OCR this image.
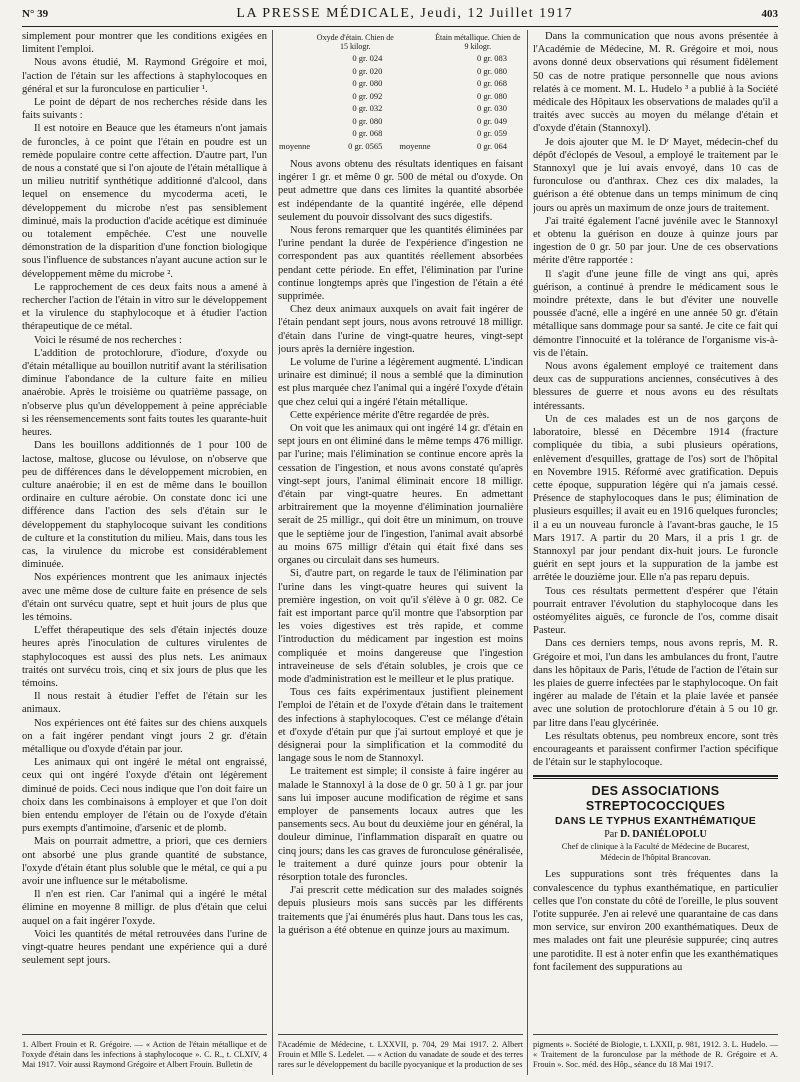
N° 39	LA PRESSE MÉDICALE, Jeudi, 12 Juillet 1917	403

simplement pour montrer que les conditions exigées en limitent l'emploi.

Nous avons étudié, M. Raymond Grégoire et moi, l'action de l'étain sur les affections à staphylocoques en général et sur la furonculose en particulier ¹.

Le point de départ de nos recherches réside dans les faits suivants :

Il est notoire en Beauce que les étameurs n'ont jamais de furoncles, à ce point que l'étain en poudre est un remède populaire contre cette affection. D'autre part, l'un de nous a constaté que si l'on ajoute de l'étain métallique à un milieu nutritif synthétique additionné d'alcool, dans lequel on ensemence du mycoderma aceti, le développement du microbe n'est pas sensiblement diminué, mais la production d'acide acétique est diminuée ou totalement empêchée. C'est une nouvelle démonstration de la disparition d'une fonction biologique sous l'influence de substances n'ayant aucune action sur le développement même du microbe ².

Le rapprochement de ces deux faits nous a amené à rechercher l'action de l'étain in vitro sur le développement et la virulence du staphylocoque et à étudier l'action thérapeutique de ce métal.

Voici le résumé de nos recherches :

L'addition de protochlorure, d'iodure, d'oxyde ou d'étain métallique au bouillon nutritif avant la stérilisation diminue l'abondance de la culture faite en milieu anaérobie. Après le troisième ou quatrième passage, on n'observe plus qu'un développement à peine appréciable si les réensemencements sont faits toutes les quarante-huit heures.

Dans les bouillons additionnés de 1 pour 100 de lactose, maltose, glucose ou lévulose, on n'observe que peu de différences dans le développement microbien, en culture anaérobie; il en est de même dans le bouillon ordinaire en culture aérobie. On constate donc ici une différence dans l'action des sels d'étain sur le développement du staphylocoque suivant les conditions de culture et la constitution du milieu. Mais, dans tous les cas, la virulence du microbe est considérablement diminuée.

Nos expériences montrent que les animaux injectés avec une même dose de culture faite en présence de sels d'étain ont survécu quatre, sept et huit jours de plus que les témoins.

L'effet thérapeutique des sels d'étain injectés douze heures après l'inoculation de cultures virulentes de staphylocoques est aussi des plus nets. Les animaux traités ont survécu trois, cinq et six jours de plus que les témoins.

Il nous restait à étudier l'effet de l'étain sur les animaux.

Nos expériences ont été faites sur des chiens auxquels on a fait ingérer pendant vingt jours 2 gr. d'étain métallique ou d'oxyde d'étain par jour.

Les animaux qui ont ingéré le métal ont engraissé, ceux qui ont ingéré l'oxyde d'étain ont légèrement diminué de poids. Ceci nous indique que l'on doit faire un choix dans les combinaisons à employer et que l'on doit bien entendu employer de l'étain ou de l'oxyde d'étain purs exempts d'antimoine, d'arsenic et de plomb.

Mais on pourrait admettre, a priori, que ces derniers ont absorbé une plus grande quantité de substance, l'oxyde d'étain étant plus soluble que le métal, ce qui a pu avoir une influence sur le métabolisme.

Il n'en est rien. Car l'animal qui a ingéré le métal élimine en moyenne 8 milligr. de plus d'étain que celui auquel on a fait ingérer l'oxyde.

Voici les quantités de métal retrouvées dans l'urine de vingt-quatre heures pendant une expérience qui a duré seulement sept jours.

	Oxyde d'étain. Chien de 15 kilogr.		Étain métallique. Chien de 9 kilogr.
	0 gr. 024		0 gr. 083
	0 gr. 020		0 gr. 080
	0 gr. 080		0 gr. 068
	0 gr. 092		0 gr. 080
	0 gr. 032		0 gr. 030
	0 gr. 080		0 gr. 049
	0 gr. 068		0 gr. 059
moyenne	0 gr. 0565	moyenne	0 gr. 064

Nous avons obtenu des résultats identiques en faisant ingérer 1 gr. et même 0 gr. 500 de métal ou d'oxyde. On peut admettre que dans ces limites la quantité absorbée est indépendante de la quantité ingérée, elle dépend seulement du pouvoir dissolvant des sucs digestifs.

Nous ferons remarquer que les quantités éliminées par l'urine pendant la durée de l'expérience d'ingestion ne correspondent pas aux quantités réellement absorbées pendant cette période. En effet, l'élimination par l'urine continue longtemps après que l'ingestion de l'étain a été supprimée.

Chez deux animaux auxquels on avait fait ingérer de l'étain pendant sept jours, nous avons retrouvé 18 milligr. d'étain dans l'urine de vingt-quatre heures, vingt-sept jours après la dernière ingestion.

Le volume de l'urine a légèrement augmenté. L'indican urinaire est diminué; il nous a semblé que la diminution est plus marquée chez l'animal qui a ingéré l'oxyde d'étain que chez celui qui a ingéré l'étain métallique.

Cette expérience mérite d'être regardée de près.

On voit que les animaux qui ont ingéré 14 gr. d'étain en sept jours en ont éliminé dans le même temps 476 milligr. par l'urine; mais l'élimination se continue encore après la cessation de l'ingestion, et nous avons constaté qu'après vingt-sept jours, l'animal éliminait encore 18 milligr. d'étain par vingt-quatre heures. En admettant arbitrairement que la moyenne d'élimination journalière serait de 25 milligr., qui doit être un minimum, on trouve que le septième jour de l'ingestion, l'animal avait absorbé au moins 675 milligr d'étain qui était fixé dans ses organes ou circulait dans ses humeurs.

Si, d'autre part, on regarde le taux de l'élimination par l'urine dans les vingt-quatre heures qui suivent la première ingestion, on voit qu'il s'élève à 0 gr. 082. Ce fait est important parce qu'il montre que l'absorption par les voies digestives est très rapide, et comme l'introduction du médicament par ingestion est moins compliquée et moins dangereuse que l'ingestion intraveineuse de sels d'étain solubles, je crois que ce mode d'administration est le meilleur et le plus pratique.

Tous ces faits expérimentaux justifient pleinement l'emploi de l'étain et de l'oxyde d'étain dans le traitement des infections à staphylocoques. C'est ce mélange d'étain et d'oxyde d'étain pur que j'ai surtout employé et que je désignerai pour la simplification et la commodité du langage sous le nom de Stannoxyl.

Le traitement est simple; il consiste à faire ingérer au malade le Stannoxyl à la dose de 0 gr. 50 à 1 gr. par jour sans lui imposer aucune modification de régime et sans employer de pansements locaux autres que les pansements secs. Au bout du deuxième jour en général, la douleur diminue, l'inflammation disparaît en quatre ou cinq jours; dans les cas graves de furonculose généralisée, le traitement a duré quinze jours pour obtenir la résorption totale des furoncles.

J'ai prescrit cette médication sur des malades soignés depuis plusieurs mois sans succès par les différents traitements que j'ai énumérés plus haut. Dans tous les cas, la guérison a été obtenue en quinze jours au maximum.

Dans la communication que nous avons présentée à l'Académie de Médecine, M. R. Grégoire et moi, nous avons donné deux observations qui résument fidèlement 50 cas de notre pratique personnelle que nous avions relatés à ce moment. M. L. Hudelo ³ a publié à la Société médicale des Hôpitaux les observations de malades qu'il a traités avec succès au moyen du mélange d'étain et d'oxyde d'étain (Stannoxyl).

Je dois ajouter que M. le Dʳ Mayet, médecin-chef du dépôt d'éclopés de Vesoul, a employé le traitement par le Stannoxyl que je lui avais envoyé, dans 10 cas de furonculose ou d'anthrax. Chez ces dix malades, la guérison a été obtenue dans un temps minimum de cinq jours ou après un maximum de onze jours de traitement.

J'ai traité également l'acné juvénile avec le Stannoxyl et obtenu la guérison en douze à quinze jours par ingestion de 0 gr. 50 par jour. Une de ces observations mérite d'être rapportée :

Il s'agit d'une jeune fille de vingt ans qui, après guérison, a continué à prendre le médicament sous le moindre prétexte, dans le but d'éviter une nouvelle poussée d'acné, elle a ingéré en une année 50 gr. d'étain métallique sans dommage pour sa santé. Je cite ce fait qui démontre l'innocuité et la tolérance de l'organisme vis-à-vis de l'étain.

Nous avons également employé ce traitement dans deux cas de suppurations anciennes, consécutives à des blessures de guerre et nous avons eu des résultats intéressants.

Un de ces malades est un de nos garçons de laboratoire, blessé en Décembre 1914 (fracture compliquée du tibia, a subi plusieurs opérations, enlèvement d'esquilles, grattage de l'os) sort de l'hôpital en Novembre 1915. Réformé avec gratification. Depuis cette époque, suppuration légère qui n'a jamais cessé. Présence de staphylocoques dans le pus; élimination de plusieurs esquilles; il avait eu en 1916 quelques furoncles; il a eu un nouveau furoncle à l'avant-bras gauche, le 15 Mars 1917. A partir du 20 Mars, il a pris 1 gr. de Stannoxyl par jour pendant dix-huit jours. Le furoncle guérit en sept jours et la suppuration de la jambe est arrêtée le douzième jour. Elle n'a pas reparu depuis.

Tous ces résultats permettent d'espérer que l'étain pourrait entraver l'évolution du staphylocoque dans les ostéomyélites aiguës, ce furoncle de l'os, comme disait Pasteur.

Dans ces derniers temps, nous avons repris, M. R. Grégoire et moi, l'un dans les ambulances du front, l'autre dans les hôpitaux de Paris, l'étude de l'action de l'étain sur les plaies de guerre infectées par le staphylocoque. On fait ingérer au malade de l'étain et la plaie lavée et pansée avec une solution de protochlorure d'étain à 5 ou 10 gr. par litre dans l'eau glycérinée.

Les résultats obtenus, peu nombreux encore, sont très encourageants et paraissent confirmer l'action spécifique de l'étain sur le staphylocoque.

DES ASSOCIATIONS STREPTOCOCCIQUES
DANS LE TYPHUS EXANTHÉMATIQUE
Par D. DANIÉLOPOLU
Chef de clinique à la Faculté de Médecine de Bucarest,
Médecin de l'hôpital Brancovan.

Les suppurations sont très fréquentes dans la convalescence du typhus exanthématique, en particulier celles que l'on constate du côté de l'oreille, le plus souvent l'otite suppurée. J'en ai relevé une quarantaine de cas dans mon service, sur environ 200 exanthématiques. Deux de mes malades ont fait une pleurésie suppurée; cinq autres une parotidite. Il est à noter enfin que les exanthématiques font facilement des suppurations au

1. Albert Frouin et R. Grégoire. — « Action de l'étain métallique et de l'oxyde d'étain dans les infections à staphylocoque ». C. R., t. CLXIV, 4 Mai 1917. Voir aussi Raymond Grégoire et Albert Frouin. Bulletin de
l'Académie de Médecine, t. LXXVII, p. 704, 29 Mai 1917. 2. Albert Frouin et Mlle S. Ledelet. — « Action du vanadate de soude et des terres rares sur le développement du bacille pyocyanique et la production de ses
pigments ». Société de Biologie, t. LXXII, p. 981, 1912. 3. L. Hudelo. — « Traitement de la furonculose par la méthode de R. Grégoire et A. Frouin ». Soc. méd. des Hôp., séance du 18 Mai 1917.
